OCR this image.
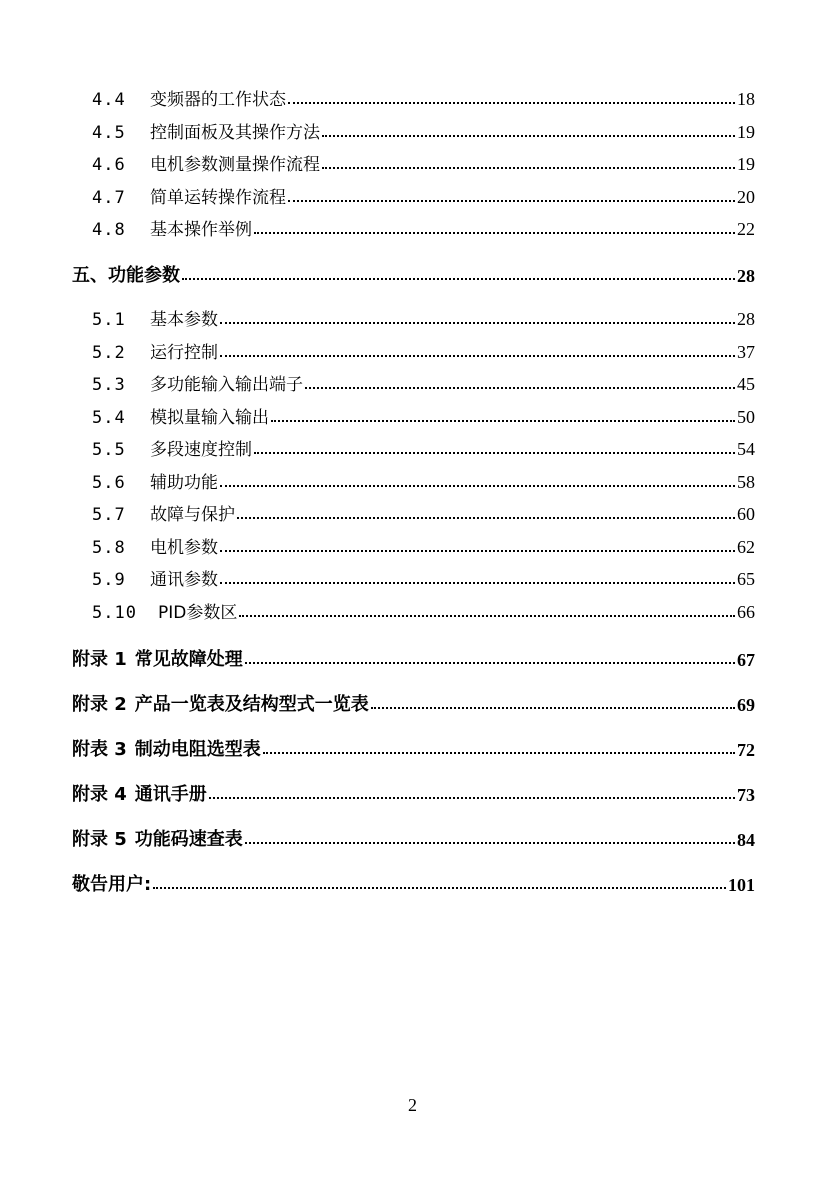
4.4	变频器的工作状态	18
4.5	控制面板及其操作方法	19
4.6	电机参数测量操作流程	19
4.7	简单运转操作流程	20
4.8	基本操作举例	22
五、功能参数	28
5.1	基本参数	28
5.2	运行控制	37
5.3	多功能输入输出端子	45
5.4	模拟量输入输出	50
5.5	多段速度控制	54
5.6	辅助功能	58
5.7	故障与保护	60
5.8	电机参数	62
5.9	通讯参数	65
5.10	PID参数区	66
附录 1 常见故障处理	67
附录 2 产品一览表及结构型式一览表	69
附表 3 制动电阻选型表	72
附录 4 通讯手册	73
附录 5 功能码速查表	84
敬告用户:	101
2
